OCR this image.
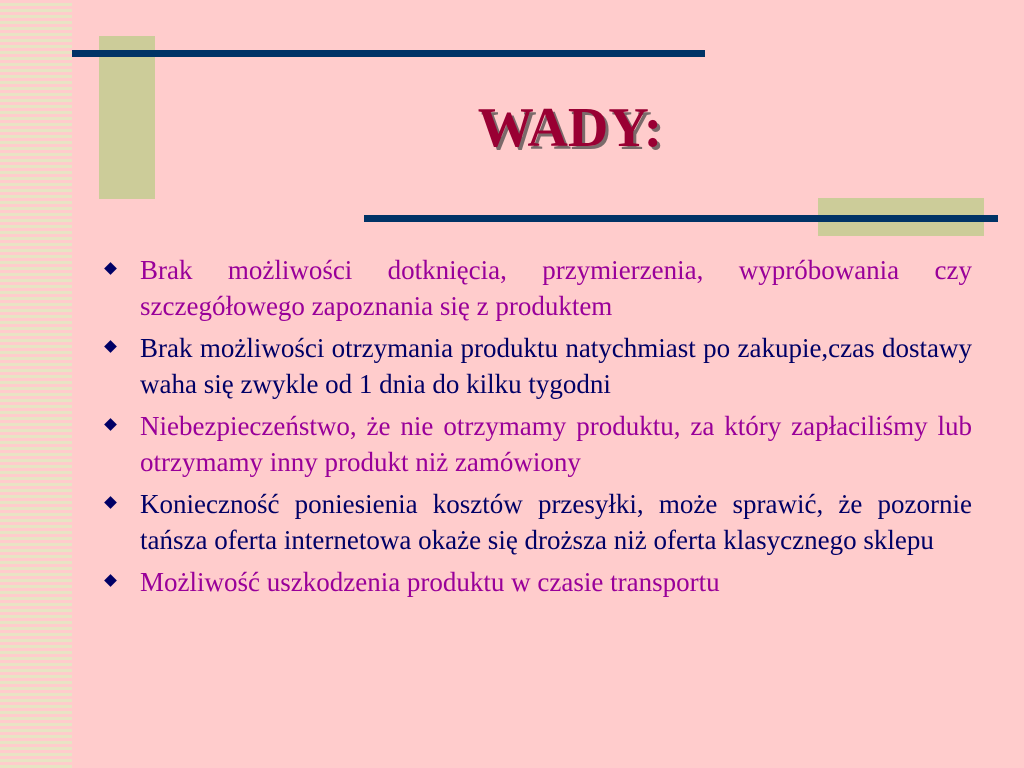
WADY:
Brak możliwości dotknięcia, przymierzenia, wypróbowania czy szczegółowego zapoznania się z produktem
Brak możliwości otrzymania produktu natychmiast po zakupie,czas dostawy waha się zwykle od 1 dnia do kilku tygodni
Niebezpieczeństwo, że nie otrzymamy produktu, za który zapłaciliśmy lub otrzymamy inny produkt niż zamówiony
Konieczność poniesienia kosztów przesyłki, może sprawić, że pozornie tańsza oferta internetowa okaże się droższa niż oferta klasycznego sklepu
Możliwość uszkodzenia produktu w czasie transportu
